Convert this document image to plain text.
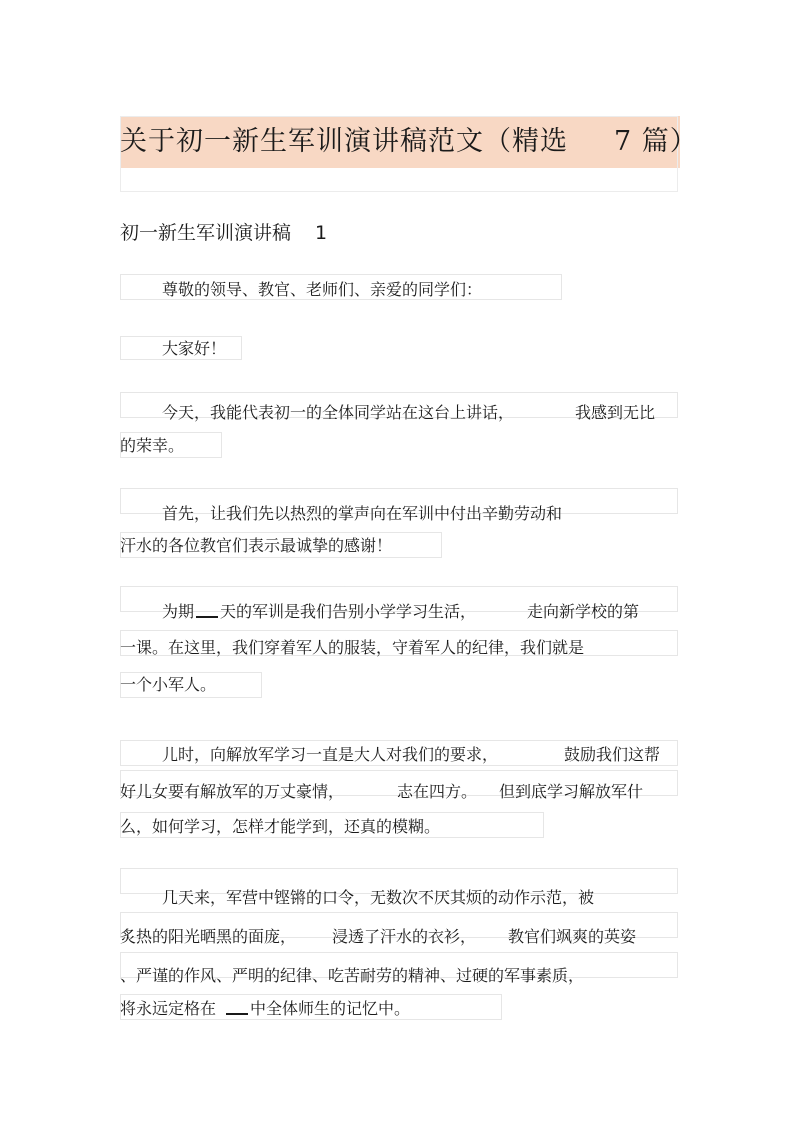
关于初一新生军训演讲稿范文（精选 7 篇）
初一新生军训演讲稿 1
尊敬的领导、教官、老师们、亲爱的同学们：
大家好！
今天，我能代表初一的全体同学站在这台上讲话，	我感到无比
的荣幸。
首先，让我们先以热烈的掌声向在军训中付出辛勤劳动和
汗水的各位教官们表示最诚挚的感谢！
为期 天的军训是我们告别小学学习生活，	走向新学校的第
一课。在这里，我们穿着军人的服装，守着军人的纪律，我们就是
一个小军人。
儿时，向解放军学习一直是大人对我们的要求，	鼓励我们这帮
好儿女要有解放军的万丈豪情，	志在四方。 但到底学习解放军什
么，如何学习，怎样才能学到，还真的模糊。
几天来，军营中铿锵的口令，无数次不厌其烦的动作示范，被
炙热的阳光晒黑的面庞， 浸透了汗水的衣衫， 教官们飒爽的英姿
、严谨的作风、严明的纪律、吃苦耐劳的精神、过硬的军事素质，
将永远定格在 中全体师生的记忆中。
